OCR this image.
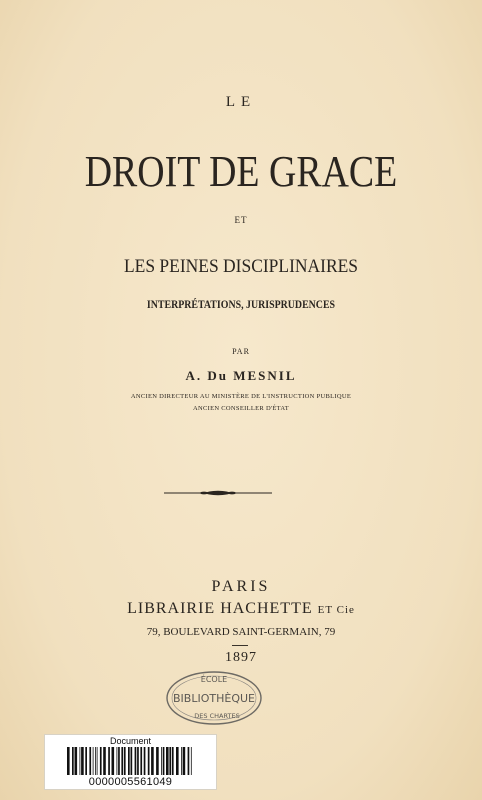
LE
DROIT DE GRACE
ET
LES PEINES DISCIPLINAIRES
INTERPRÉTATIONS, JURISPRUDENCES
PAR
A. Du MESNIL
ANCIEN DIRECTEUR AU MINISTÈRE DE L'INSTRUCTION PUBLIQUE
ANCIEN CONSEILLER D'ÉTAT
PARIS
LIBRAIRIE HACHETTE ET Cie
79, BOULEVARD SAINT-GERMAIN, 79
1897
ÉCOLE
BIBLIOTHÈQUE
DES CHARTES
Document
0000005561049
